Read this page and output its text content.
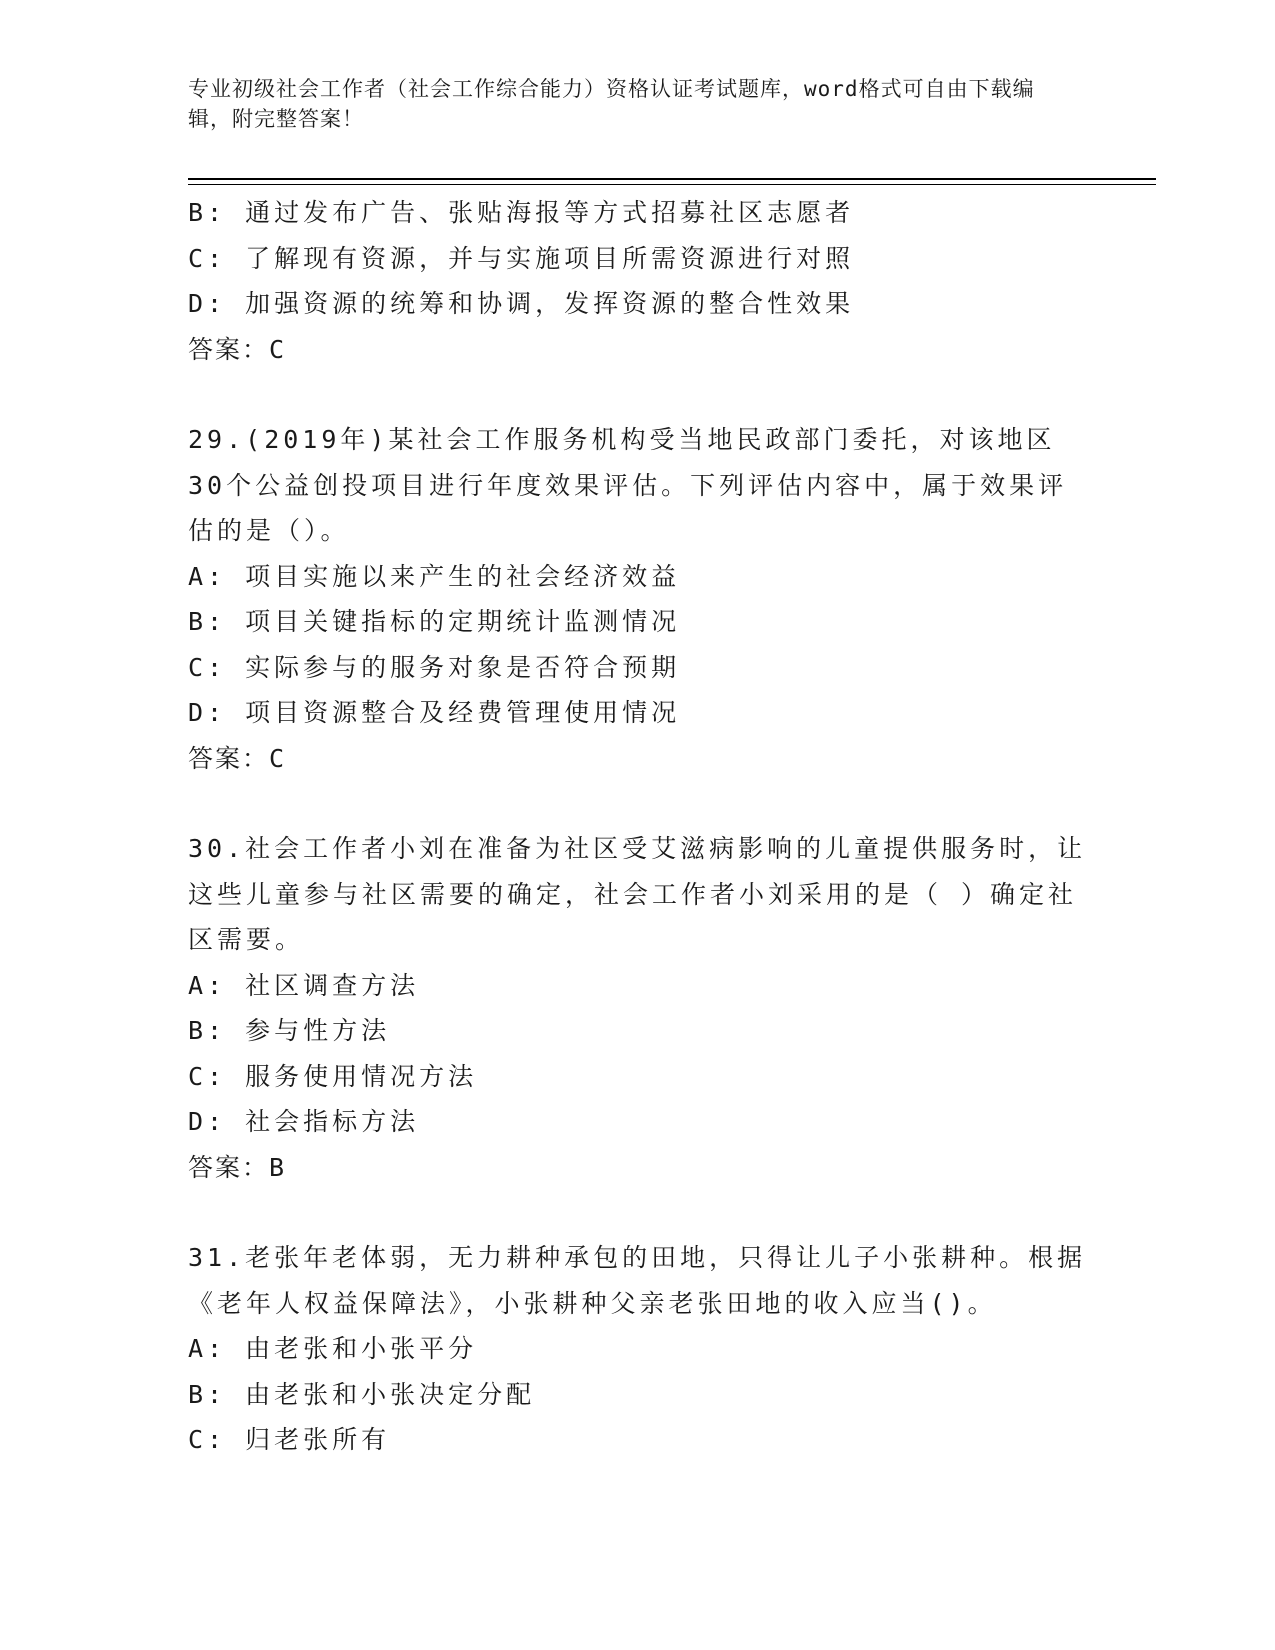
专业初级社会工作者（社会工作综合能力）资格认证考试题库，word格式可自由下载编辑，附完整答案！
B: 通过发布广告、张贴海报等方式招募社区志愿者
C: 了解现有资源，并与实施项目所需资源进行对照
D: 加强资源的统筹和协调，发挥资源的整合性效果
答案：C
29.(2019年)某社会工作服务机构受当地民政部门委托，对该地区30个公益创投项目进行年度效果评估。下列评估内容中，属于效果评估的是（）。
A: 项目实施以来产生的社会经济效益
B: 项目关键指标的定期统计监测情况
C: 实际参与的服务对象是否符合预期
D: 项目资源整合及经费管理使用情况
答案：C
30.社会工作者小刘在准备为社区受艾滋病影响的儿童提供服务时，让这些儿童参与社区需要的确定，社会工作者小刘采用的是（ ）确定社区需要。
A: 社区调查方法
B: 参与性方法
C: 服务使用情况方法
D: 社会指标方法
答案：B
31.老张年老体弱，无力耕种承包的田地，只得让儿子小张耕种。根据《老年人权益保障法》，小张耕种父亲老张田地的收入应当()。
A: 由老张和小张平分
B: 由老张和小张决定分配
C: 归老张所有
